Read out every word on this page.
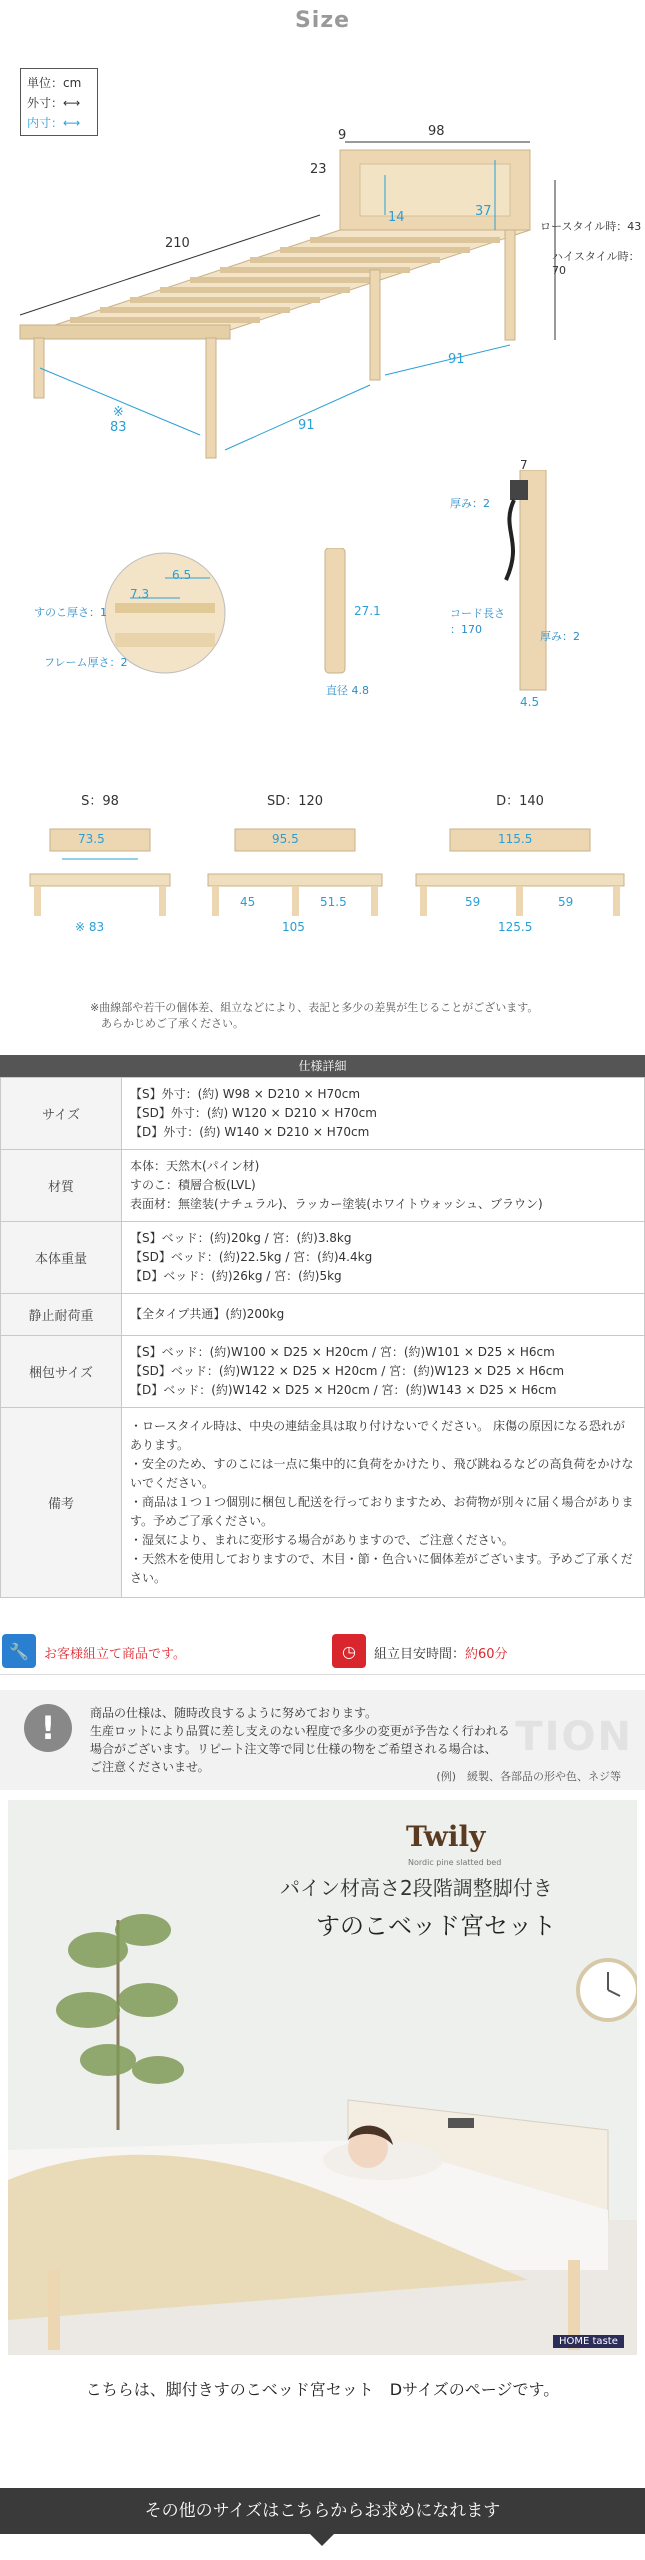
Size
単位：cm
外寸：⟷
内寸：⟷
210
98
9
23
14	37
ロースタイル時：43
ハイスタイル時：70
※
83	91
91
6.5
7.3
すのこ厚さ：1
フレーム厚さ：2
27.1
直径 4.8
7
厚み：2
コード長さ
：170
厚み：2
4.5
S：98
73.5
※ 83
SD：120
95.5
45	51.5
105
D：140
115.5
59	59
125.5
※曲線部や若干の個体差、組立などにより、表記と多少の差異が生じることがございます。
　あらかじめご了承ください。
仕様詳細
サイズ	【S】外寸：(約) W98 × D210 × H70cm
【SD】外寸：(約) W120 × D210 × H70cm
【D】外寸：(約) W140 × D210 × H70cm

材質	本体：天然木(パイン材)
すのこ：積層合板(LVL)
表面材：無塗装(ナチュラル)、ラッカー塗装(ホワイトウォッシュ、ブラウン)

本体重量	【S】ベッド：(約)20kg / 宮：(約)3.8kg
【SD】ベッド：(約)22.5kg / 宮：(約)4.4kg
【D】ベッド：(約)26kg / 宮：(約)5kg

静止耐荷重	【全タイプ共通】(約)200kg

梱包サイズ	【S】ベッド：(約)W100 × D25 × H20cm / 宮：(約)W101 × D25 × H6cm
【SD】ベッド：(約)W122 × D25 × H20cm / 宮：(約)W123 × D25 × H6cm
【D】ベッド：(約)W142 × D25 × H20cm / 宮：(約)W143 × D25 × H6cm

備考	・ロースタイル時は、中央の連結金具は取り付けないでください。 床傷の原因になる恐れがあります。
・安全のため、すのこには一点に集中的に負荷をかけたり、飛び跳ねるなどの高負荷をかけないでください。
・商品は１つ１つ個別に梱包し配送を行っておりますため、お荷物が別々に届く場合があります。予めご了承ください。
・湿気により、まれに変形する場合がありますので、ご注意ください。
・天然木を使用しておりますので、木目・節・色合いに個体差がございます。予めご了承ください。
🔧	お客様組立て商品です。	◷	組立目安時間：約60分
!	TION
商品の仕様は、随時改良するように努めております。
生産ロットにより品質に差し支えのない程度で多少の変更が予告なく行われる
場合がございます。リピート注文等で同じ仕様の物をご希望される場合は、
ご注意くださいませ。
(例)　緩製、各部品の形や色、ネジ等
Twily
Nordic pine slatted bed
パイン材高さ2段階調整脚付き
すのこベッド宮セット
HOME taste
こちらは、脚付きすのこベッド宮セット　Dサイズのページです。
その他のサイズはこちらからお求めになれます
